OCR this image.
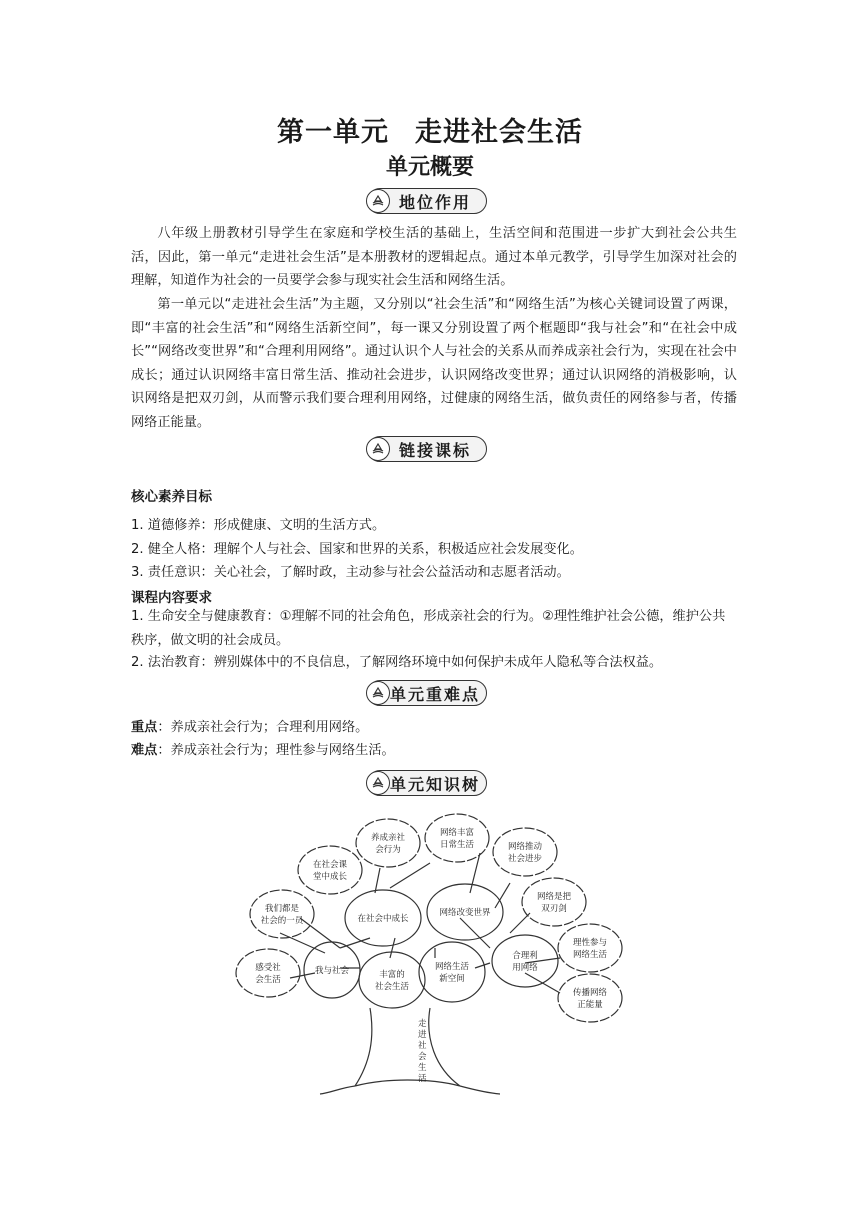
第一单元 走进社会生活
单元概要
地位作用

八年级上册教材引导学生在家庭和学校生活的基础上，生活空间和范围进一步扩大到社会公共生活，因此，第一单元“走进社会生活”是本册教材的逻辑起点。通过本单元教学，引导学生加深对社会的理解，知道作为社会的一员要学会参与现实社会生活和网络生活。

第一单元以“走进社会生活”为主题，又分别以“社会生活”和“网络生活”为核心关键词设置了两课，即“丰富的社会生活”和“网络生活新空间”，每一课又分别设置了两个框题即“我与社会”和“在社会中成长”“网络改变世界”和“合理利用网络”。通过认识个人与社会的关系从而养成亲社会行为，实现在社会中成长；通过认识网络丰富日常生活、推动社会进步，认识网络改变世界；通过认识网络的消极影响，认识网络是把双刃剑，从而警示我们要合理利用网络，过健康的网络生活，做负责任的网络参与者，传播网络正能量。

链接课标
核心素养目标

1. 道德修养：形成健康、文明的生活方式。

2. 健全人格：理解个人与社会、国家和世界的关系，积极适应社会发展变化。

3. 责任意识：关心社会，了解时政，主动参与社会公益活动和志愿者活动。

课程内容要求

1. 生命安全与健康教育：①理解不同的社会角色，形成亲社会的行为。②理性维护社会公德，维护公共秩序，做文明的社会成员。

2. 法治教育：辨别媒体中的不良信息，了解网络环境中如何保护未成年人隐私等合法权益。

单元重难点

重点：养成亲社会行为；合理利用网络。

难点：养成亲社会行为；理性参与网络生活。

单元知识树
丰富的
社会生活
网络生活
新空间
我与社会
在社会中成长
网络改变世界
合理利
用网络
感受社
会生活
我们都是
社会的一员
在社会课
堂中成长
养成亲社
会行为
网络丰富
日常生活	网络推动
社会进步
网络是把
双刃剑
理性参与
网络生活
传播网络
正能量
走进社会生活
